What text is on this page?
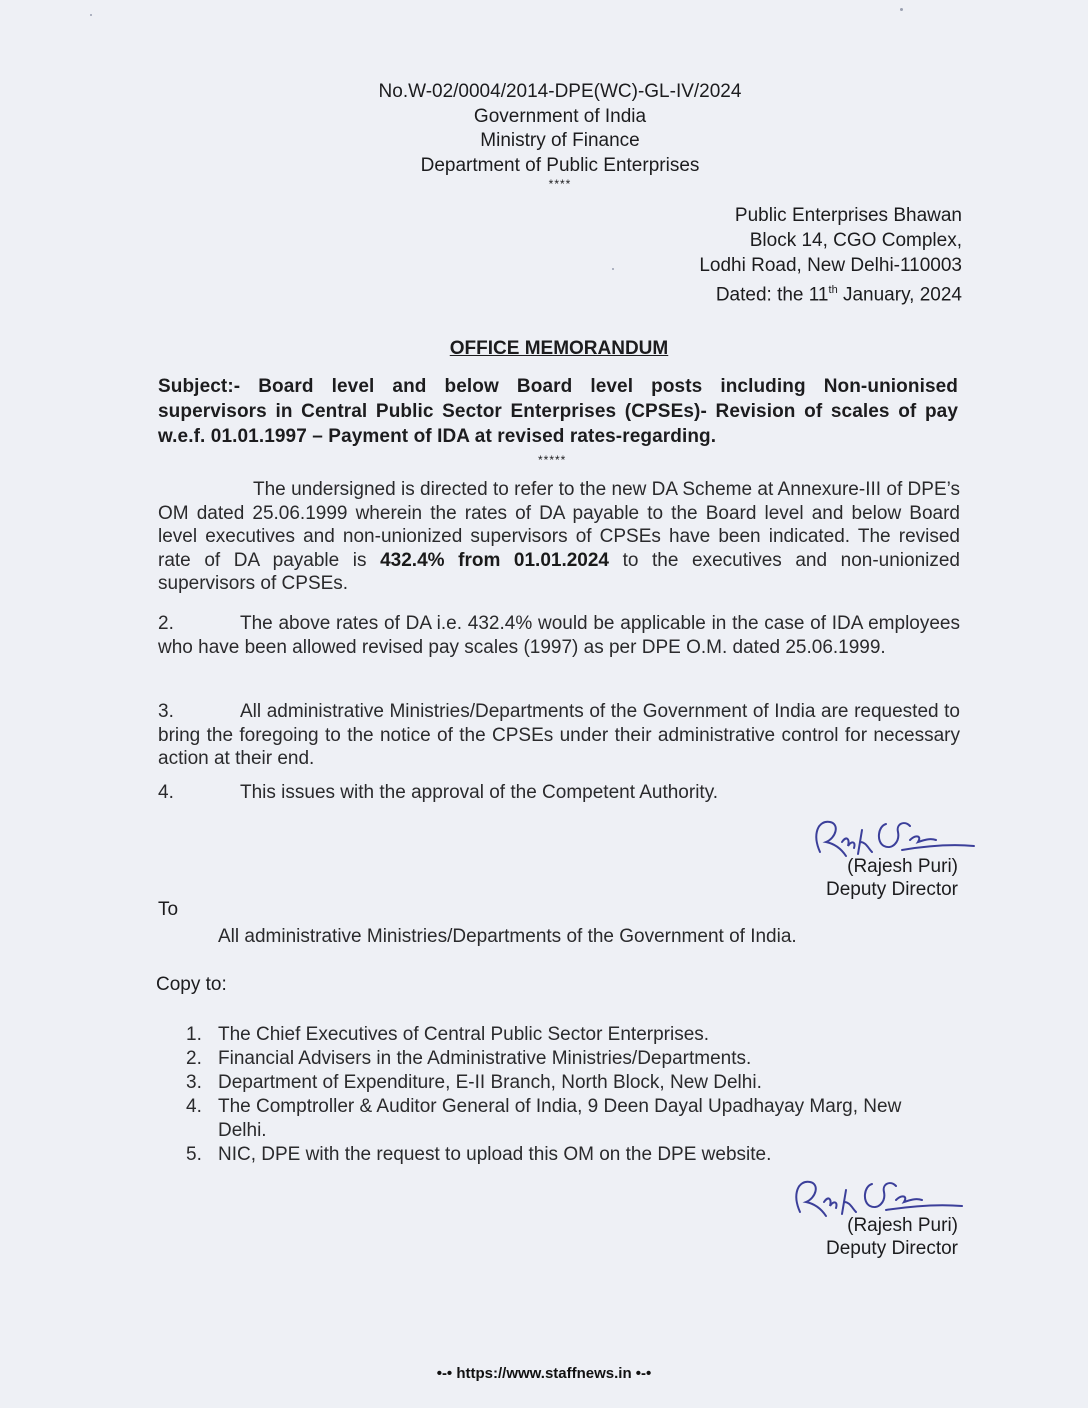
No.W-02/0004/2014-DPE(WC)-GL-IV/2024
Government of India
Ministry of Finance
Department of Public Enterprises
****
Public Enterprises Bhawan
Block 14, CGO Complex,
Lodhi Road, New Delhi-110003
Dated: the 11th January, 2024
OFFICE MEMORANDUM

Subject:- Board level and below Board level posts including Non-unionised supervisors in Central Public Sector Enterprises (CPSEs)- Revision of scales of pay w.e.f. 01.01.1997 – Payment of IDA at revised rates-regarding.

*****

The undersigned is directed to refer to the new DA Scheme at Annexure-III of DPE’s OM dated 25.06.1999 wherein the rates of DA payable to the Board level and below Board level executives and non-unionized supervisors of CPSEs have been indicated. The revised rate of DA payable is 432.4% from 01.01.2024 to the executives and non-unionized supervisors of CPSEs.

2.	The above rates of DA i.e. 432.4% would be applicable in the case of IDA employees who have been allowed revised pay scales (1997) as per DPE O.M. dated 25.06.1999.

3.	All administrative Ministries/Departments of the Government of India are requested to bring the foregoing to the notice of the CPSEs under their administrative control for necessary action at their end.

4.	This issues with the approval of the Competent Authority.

(Rajesh Puri)
Deputy Director
To
All administrative Ministries/Departments of the Government of India.
Copy to:
1. The Chief Executives of Central Public Sector Enterprises.
2. Financial Advisers in the Administrative Ministries/Departments.
3. Department of Expenditure, E-II Branch, North Block, New Delhi.
4. The Comptroller & Auditor General of India, 9 Deen Dayal Upadhayay Marg, New Delhi.
5. NIC, DPE with the request to upload this OM on the DPE website.
(Rajesh Puri)
Deputy Director
•-• https://www.staffnews.in •-•
